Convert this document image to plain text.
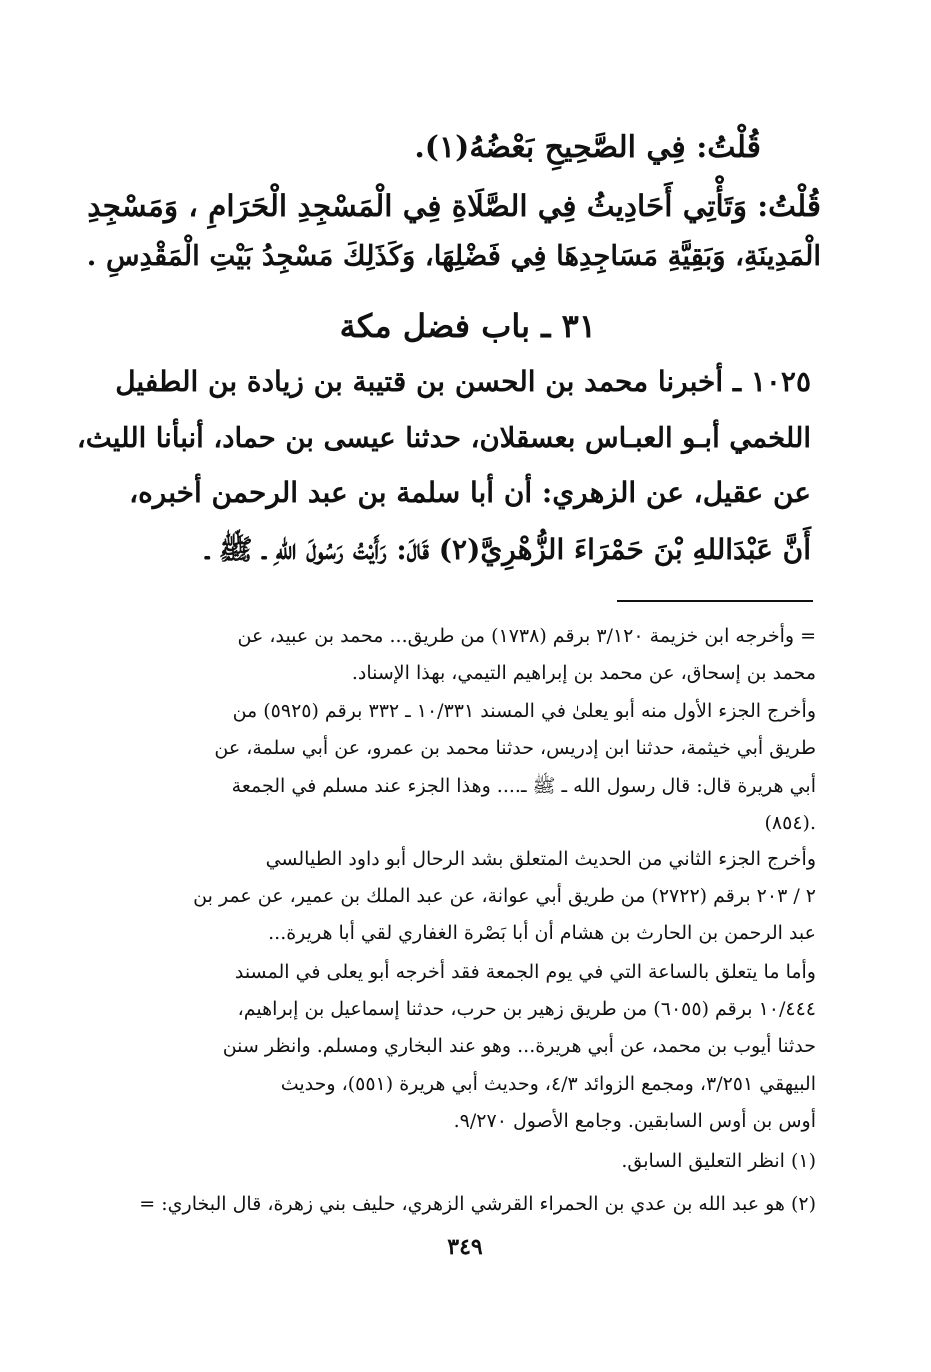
قُلْتُ: فِي الصَّحِيحِ بَعْضُهُ(١).
قُلْتُ: وَتَأْتِي أَحَادِيثُ فِي الصَّلَاةِ فِي الْمَسْجِدِ الْحَرَامِ ، وَمَسْجِدِ
الْمَدِينَةِ، وَبَقِيَّةِ مَسَاجِدِهَا فِي فَضْلِهَا، وَكَذَلِكَ مَسْجِدُ بَيْتِ الْمَقْدِسِ .
٣١ ـ باب فضل مكة
١٠٢٥ ـ أخبرنا محمد بن الحسن بن قتيبة بن زيادة بن الطفيل
اللخمي أبـو العبـاس بعسقلان، حدثنا عيسى بن حماد، أنبأنا الليث،
عن عقيل، عن الزهري: أن أبا سلمة بن عبد الرحمن أخبره،
أَنَّ عَبْدَاللهِ بْنَ حَمْرَاءَ الزُّهْرِيَّ(٢) قَالَ: رَأَيْتُ رَسُولَ اللهِ ـ ﷺ ـ
= وأخرجه ابن خزيمة ٣/١٢٠ برقم (١٧٣٨) من طريق... محمد بن عبيد، عن
محمد بن إسحاق، عن محمد بن إبراهيم التيمي، بهذا الإسناد.
وأخرج الجزء الأول منه أبو يعلىٰ في المسند ١٠/٣٣١ ـ ٣٣٢ برقم (٥٩٢٥) من
طريق أبي خيثمة، حدثنا ابن إدريس، حدثنا محمد بن عمرو، عن أبي سلمة، عن
أبي هريرة قال: قال رسول الله ـ ﷺ ـ.... وهذا الجزء عند مسلم في الجمعة
(٨٥٤).
وأخرج الجزء الثاني من الحديث المتعلق بشد الرحال أبو داود الطيالسي
٢ / ٢٠٣ برقم (٢٧٢٢) من طريق أبي عوانة، عن عبد الملك بن عمير، عن عمر بن
عبد الرحمن بن الحارث بن هشام أن أبا بَصْرة الغفاري لقي أبا هريرة...
وأما ما يتعلق بالساعة التي في يوم الجمعة فقد أخرجه أبو يعلى في المسند
١٠/٤٤٤ برقم (٦٠٥٥) من طريق زهير بن حرب، حدثنا إسماعيل بن إبراهيم،
حدثنا أيوب بن محمد، عن أبي هريرة... وهو عند البخاري ومسلم. وانظر سنن
البيهقي ٣/٢٥١، ومجمع الزوائد ٤/٣، وحديث أبي هريرة (٥٥١)، وحديث
أوس بن أوس السابقين. وجامع الأصول ٩/٢٧٠.
(١) انظر التعليق السابق.
(٢) هو عبد الله بن عدي بن الحمراء القرشي الزهري، حليف بني زهرة، قال البخاري: =
٣٤٩
